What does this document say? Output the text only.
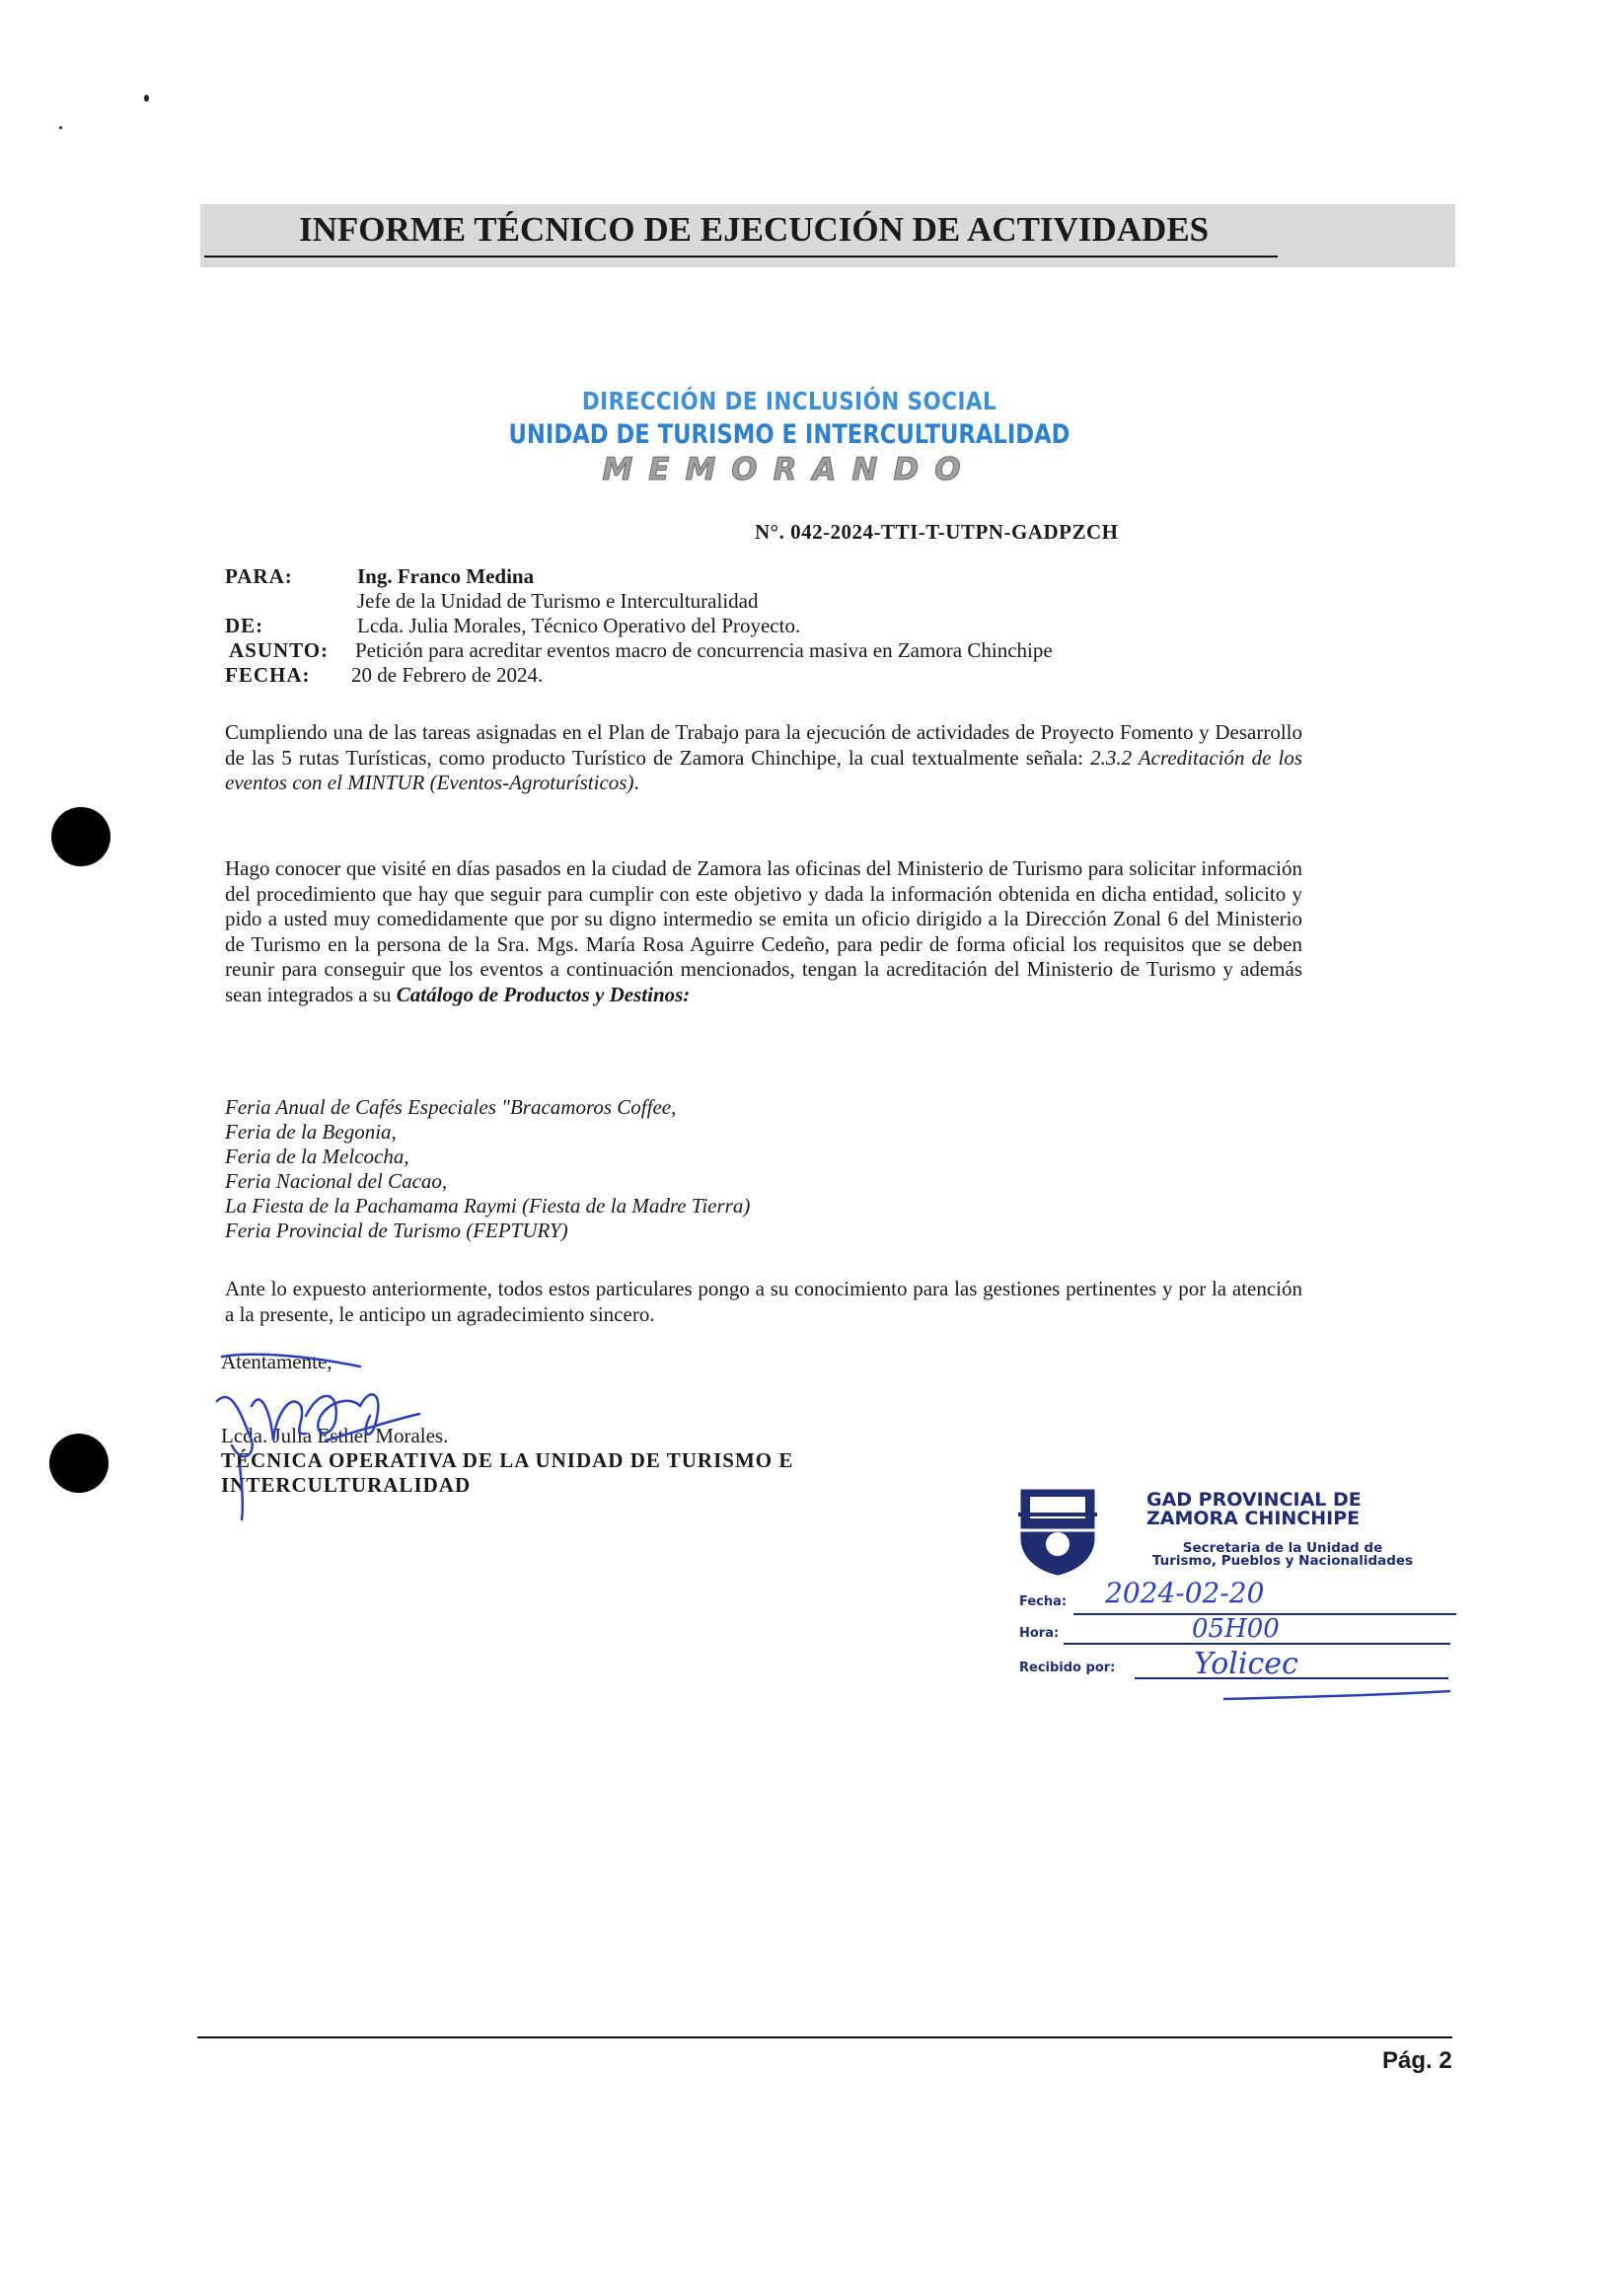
INFORME TÉCNICO DE EJECUCIÓN DE ACTIVIDADES
DIRECCIÓN DE INCLUSIÓN SOCIAL
UNIDAD DE TURISMO E INTERCULTURALIDAD
MEMORANDO
N°. 042-2024-TTI-T-UTPN-GADPZCH
PARA:	Ing. Franco Medina
Jefe de la Unidad de Turismo e Interculturalidad
DE:	Lcda. Julia Morales, Técnico Operativo del Proyecto.
ASUNTO: Petición para acreditar eventos macro de concurrencia masiva en Zamora Chinchipe
FECHA: 20 de Febrero de 2024.
Cumpliendo una de las tareas asignadas en el Plan de Trabajo para la ejecución de actividades de Proyecto Fomento y Desarrollo de las 5 rutas Turísticas, como producto Turístico de Zamora Chinchipe, la cual textualmente señala: 2.3.2 Acreditación de los eventos con el MINTUR (Eventos-Agroturísticos).
Hago conocer que visité en días pasados en la ciudad de Zamora las oficinas del Ministerio de Turismo para solicitar información del procedimiento que hay que seguir para cumplir con este objetivo y dada la información obtenida en dicha entidad, solicito y pido a usted muy comedidamente que por su digno intermedio se emita un oficio dirigido a la Dirección Zonal 6 del Ministerio de Turismo en la persona de la Sra. Mgs. María Rosa Aguirre Cedeño, para pedir de forma oficial los requisitos que se deben reunir para conseguir que los eventos a continuación mencionados, tengan la acreditación del Ministerio de Turismo y además sean integrados a su Catálogo de Productos y Destinos:
Feria Anual de Cafés Especiales "Bracamoros Coffee,
Feria de la Begonia,
Feria de la Melcocha,
Feria Nacional del Cacao,
La Fiesta de la Pachamama Raymi (Fiesta de la Madre Tierra)
Feria Provincial de Turismo (FEPTURY)
Ante lo expuesto anteriormente, todos estos particulares pongo a su conocimiento para las gestiones pertinentes y por la atención a la presente, le anticipo un agradecimiento sincero.
Atentamente,
Lcda. Julia Esther Morales.
TÉCNICA OPERATIVA DE LA UNIDAD DE TURISMO E
INTERCULTURALIDAD
GAD PROVINCIAL DE
ZAMORA CHINCHIPE
Secretaria de la Unidad de
Turismo, Pueblos y Nacionalidades
Fecha: 2024-02-20
Hora:	05H00
Recibido por:	Yolicec
Pág. 2
